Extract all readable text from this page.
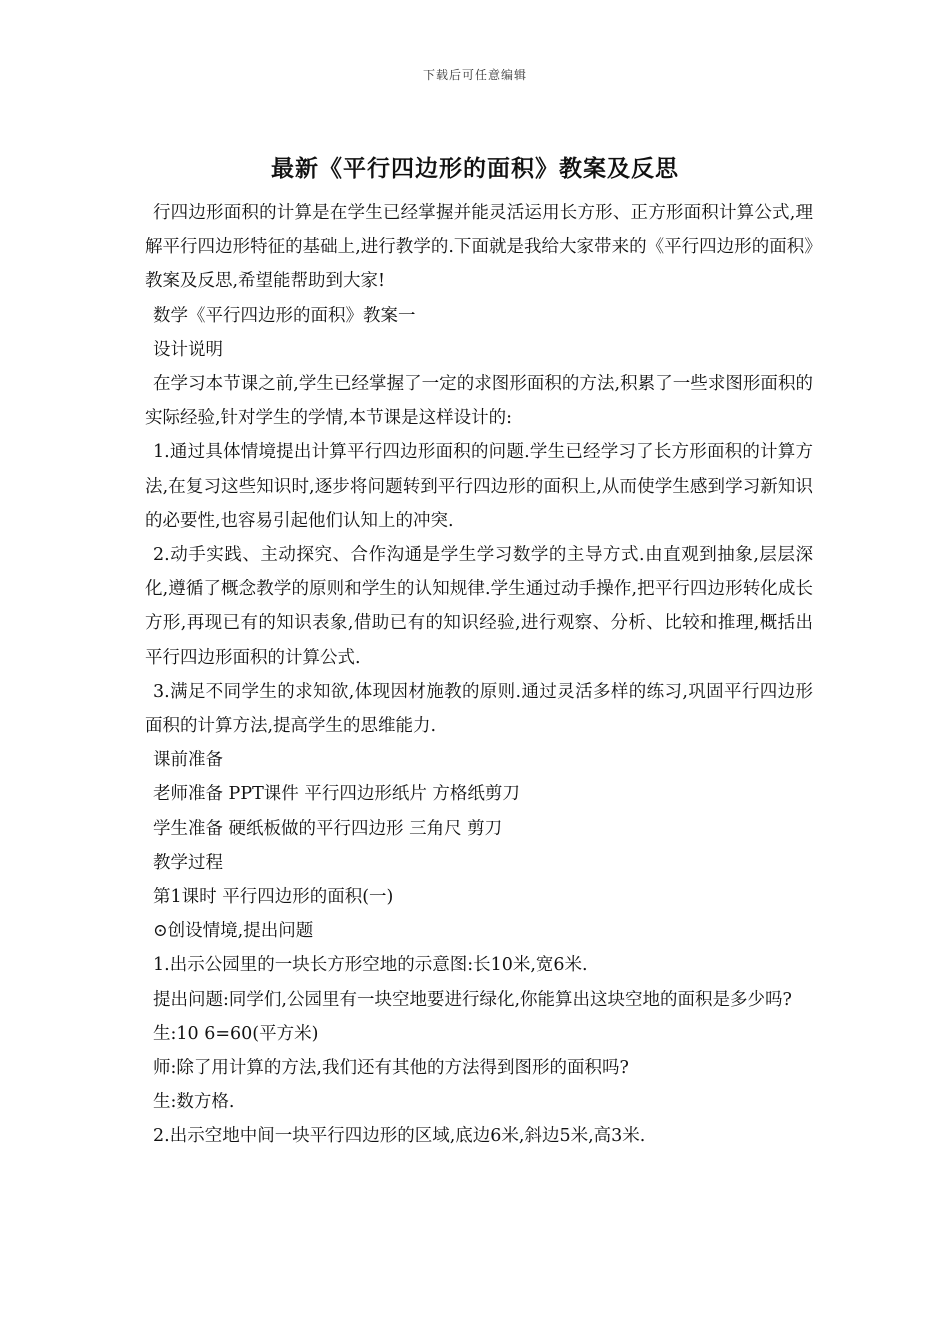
下载后可任意编辑
最新《平行四边形的面积》教案及反思

行四边形面积的计算是在学生已经掌握并能灵活运用长方形、正方形面积计算公式,理解平行四边形特征的基础上,进行教学的.下面就是我给大家带来的《平行四边形的面积》教案及反思,希望能帮助到大家!

数学《平行四边形的面积》教案一

设计说明

在学习本节课之前,学生已经掌握了一定的求图形面积的方法,积累了一些求图形面积的实际经验,针对学生的学情,本节课是这样设计的:

1.通过具体情境提出计算平行四边形面积的问题.学生已经学习了长方形面积的计算方法,在复习这些知识时,逐步将问题转到平行四边形的面积上,从而使学生感到学习新知识的必要性,也容易引起他们认知上的冲突.

2.动手实践、主动探究、合作沟通是学生学习数学的主导方式.由直观到抽象,层层深化,遵循了概念教学的原则和学生的认知规律.学生通过动手操作,把平行四边形转化成长方形,再现已有的知识表象,借助已有的知识经验,进行观察、分析、比较和推理,概括出平行四边形面积的计算公式.

3.满足不同学生的求知欲,体现因材施教的原则.通过灵活多样的练习,巩固平行四边形面积的计算方法,提高学生的思维能力.

课前准备

老师准备 PPT课件 平行四边形纸片 方格纸剪刀

学生准备 硬纸板做的平行四边形 三角尺 剪刀

教学过程

第1课时 平行四边形的面积(一)

⊙创设情境,提出问题

1.出示公园里的一块长方形空地的示意图:长10米,宽6米.

提出问题:同学们,公园里有一块空地要进行绿化,你能算出这块空地的面积是多少吗?

生:10 6=60(平方米)

师:除了用计算的方法,我们还有其他的方法得到图形的面积吗?

生:数方格.

2.出示空地中间一块平行四边形的区域,底边6米,斜边5米,高3米.
